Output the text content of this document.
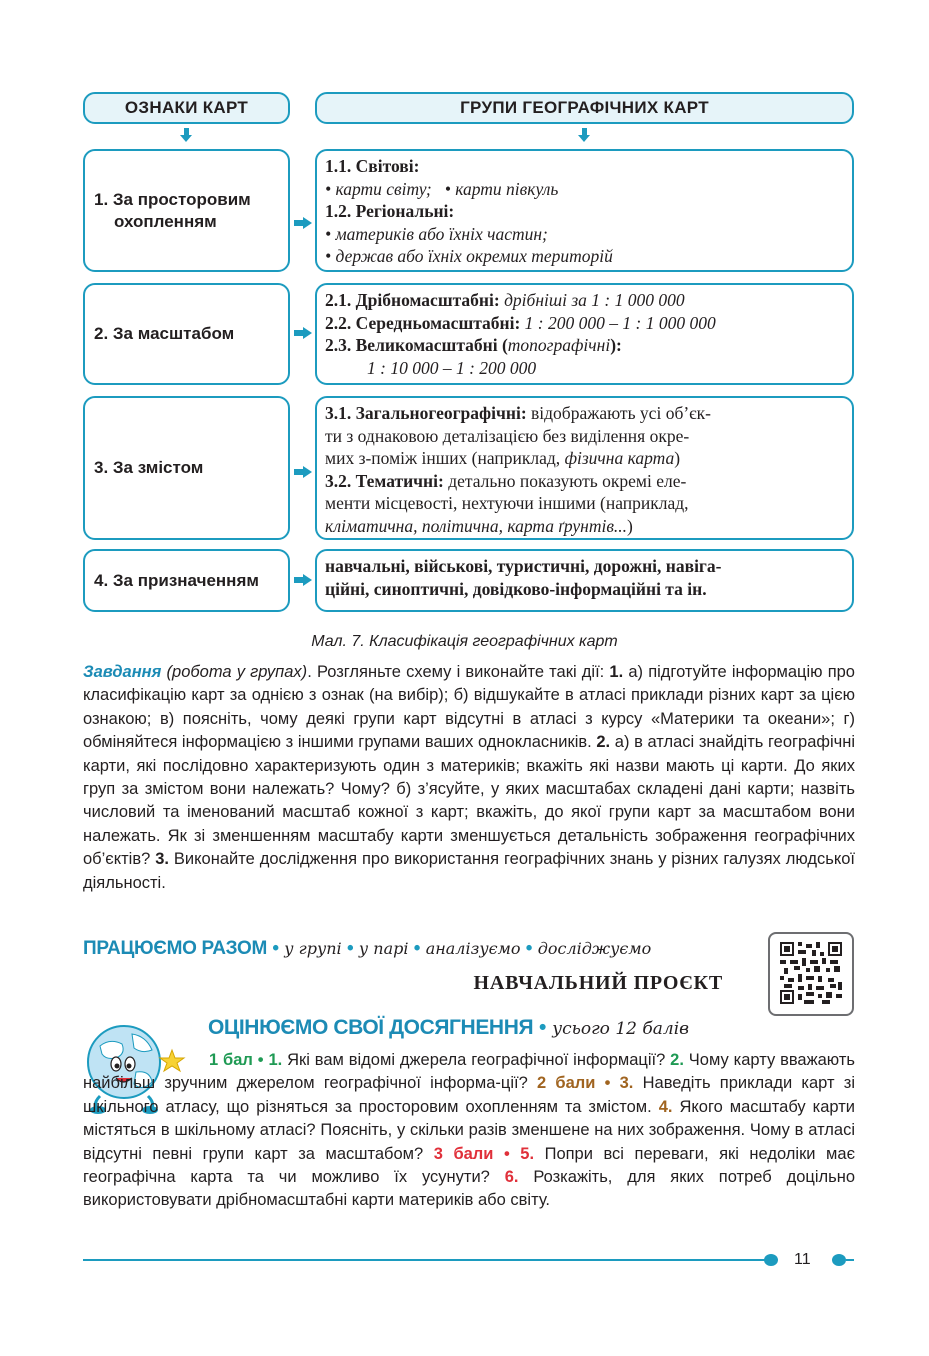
ОЗНАКИ КАРТ	ГРУПИ ГЕОГРАФІЧНИХ КАРТ
1. За просторовим
охопленням
1.1. Світові:
• карти світу; • карти півкуль
1.2. Регіональні:
• материків або їхніх частин;
• держав або їхніх окремих територій
2. За масштабом
2.1. Дрібномасштабні: дрібніші за 1 : 1 000 000
2.2. Середньомасштабні: 1 : 200 000 – 1 : 1 000 000
2.3. Великомасштабні (топографічні):
1 : 10 000 – 1 : 200 000
3. За змістом
3.1. Загальногеографічні: відображають усі об’єк-
ти з однаковою деталізацією без виділення окре-
мих з-поміж інших (наприклад, фізична карта)
3.2. Тематичні: детально показують окремі еле-
менти місцевості, нехтуючи іншими (наприклад,
кліматична, політична, карта ґрунтів...)
4. За призначенням
навчальні, військові, туристичні, дорожні, навіга-
ційні, синоптичні, довідково-інформаційні та ін.
Мал. 7. Класифікація географічних карт
Завдання (робота у групах). Розгляньте схему і виконайте такі дії: 1. а) підготуйте інформацію про класифікацію карт за однією з ознак (на вибір); б) відшукайте в атласі приклади різних карт за цією ознакою; в) поясніть, чому деякі групи карт відсутні в атласі з курсу «Материки та океани»; г) обміняйтеся інформацією з іншими групами ваших однокласників. 2. а) в атласі знайдіть географічні карти, які послідовно характеризують один з материків; вкажіть які назви мають ці карти. До яких груп за змістом вони належать? Чому? б) з’ясуйте, у яких масштабах складені дані карти; назвіть числовий та іменований масштаб кожної з карт; вкажіть, до якої групи карт за масштабом вони належать. Як зі зменшенням масштабу карти зменшується детальність зображення географічних об’єктів? 3. Виконайте дослідження про використання географічних знань у різних галузях людської діяльності.
ПРАЦЮЄМО РАЗОМ • у групі • у парі • аналізуємо • досліджуємо
НАВЧАЛЬНИЙ ПРОЄКТ
ОЦІНЮЄМО СВОЇ ДОСЯГНЕННЯ • усього 12 балів
1 бал • 1. Які вам відомі джерела географічної інформації? 2. Чому карту вважають найбільш зручним джерелом географічної інформа-ції? 2 бали • 3. Наведіть приклади карт зі шкільного атласу, що різняться за просторовим охопленням та змістом. 4. Якого масштабу карти містяться в шкільному атласі? Поясніть, у скільки разів зменшене на них зображення. Чому в атласі відсутні певні групи карт за масштабом? 3 бали • 5. Попри всі переваги, які недоліки має географічна карта та чи можливо їх усунути? 6. Розкажіть, для яких потреб доцільно використовувати дрібномасштабні карти материків або світу.
11
